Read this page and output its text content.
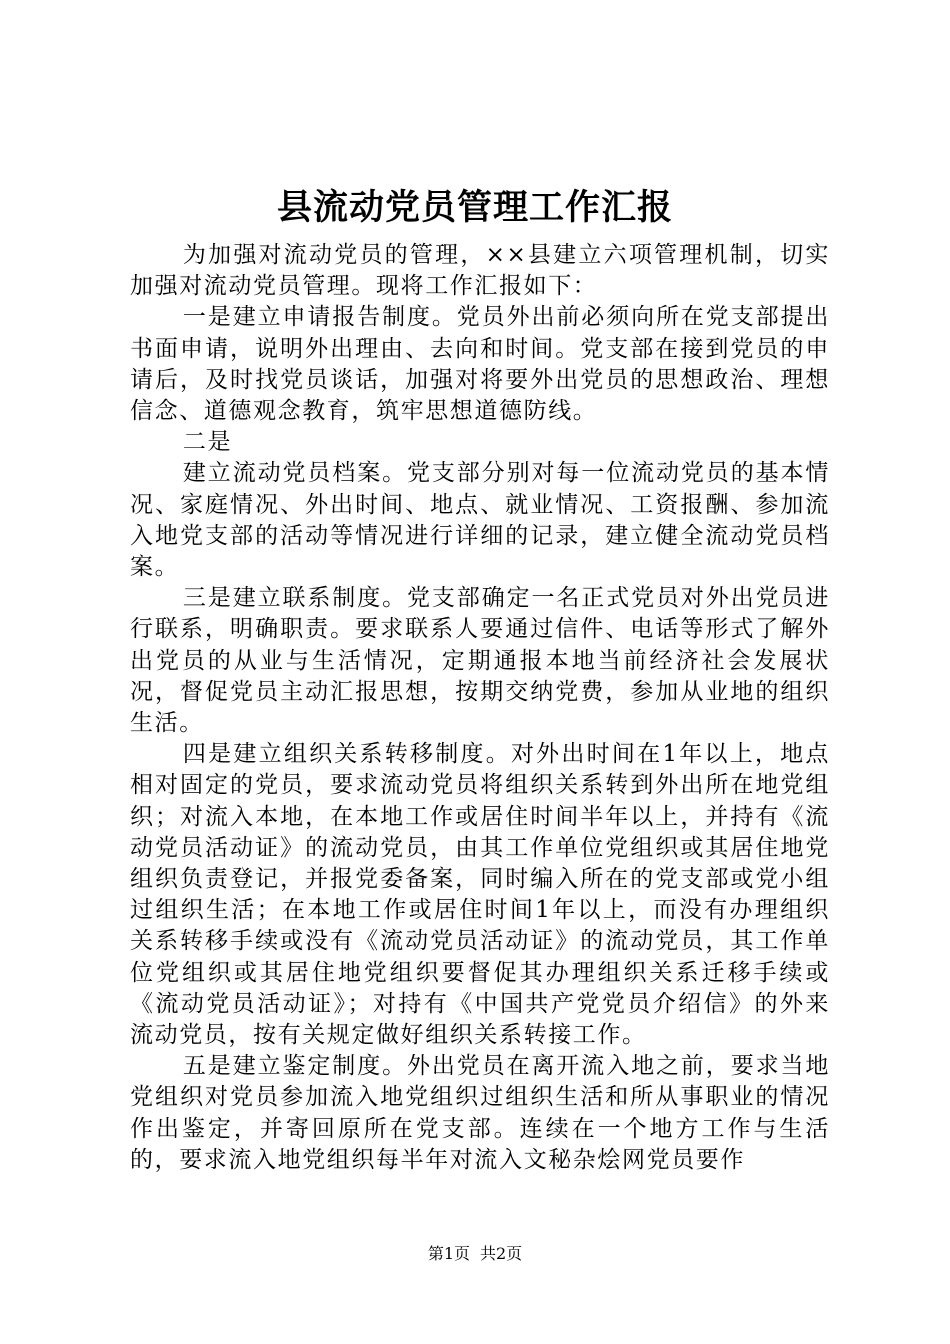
县流动党员管理工作汇报

为加强对流动党员的管理，××县建立六项管理机制，切实加强对流动党员管理。现将工作汇报如下：

一是建立申请报告制度。党员外出前必须向所在党支部提出书面申请，说明外出理由、去向和时间。党支部在接到党员的申请后，及时找党员谈话，加强对将要外出党员的思想政治、理想信念、道德观念教育，筑牢思想道德防线。

二是

建立流动党员档案。党支部分别对每一位流动党员的基本情况、家庭情况、外出时间、地点、就业情况、工资报酬、参加流入地党支部的活动等情况进行详细的记录，建立健全流动党员档案。

三是建立联系制度。党支部确定一名正式党员对外出党员进行联系，明确职责。要求联系人要通过信件、电话等形式了解外出党员的从业与生活情况，定期通报本地当前经济社会发展状况，督促党员主动汇报思想，按期交纳党费，参加从业地的组织生活。

四是建立组织关系转移制度。对外出时间在1年以上，地点相对固定的党员，要求流动党员将组织关系转到外出所在地党组织；对流入本地，在本地工作或居住时间半年以上，并持有《流动党员活动证》的流动党员，由其工作单位党组织或其居住地党组织负责登记，并报党委备案，同时编入所在的党支部或党小组过组织生活；在本地工作或居住时间1年以上，而没有办理组织关系转移手续或没有《流动党员活动证》的流动党员，其工作单位党组织或其居住地党组织要督促其办理组织关系迁移手续或《流动党员活动证》；对持有《中国共产党党员介绍信》的外来流动党员，按有关规定做好组织关系转接工作。

五是建立鉴定制度。外出党员在离开流入地之前，要求当地党组织对党员参加流入地党组织过组织生活和所从事职业的情况作出鉴定，并寄回原所在党支部。连续在一个地方工作与生活的，要求流入地党组织每半年对流入文秘杂烩网党员要作

第1页 共2页
